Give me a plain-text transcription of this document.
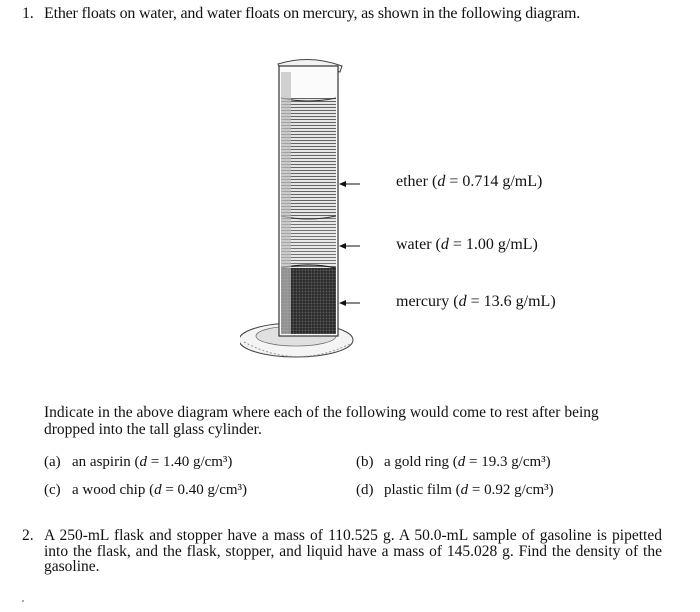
1. Ether floats on water, and water floats on mercury, as shown in the following diagram.
ether (d = 0.714 g/mL)
water (d = 1.00 g/mL)
mercury (d = 13.6 g/mL)
Indicate in the above diagram where each of the following would come to rest after being dropped into the tall glass cylinder.
(a) an aspirin (d = 1.40 g/cm³)	(b) a gold ring (d = 19.3 g/cm³)
(c) a wood chip (d = 0.40 g/cm³)	(d) plastic film (d = 0.92 g/cm³)
2. A 250-mL flask and stopper have a mass of 110.525 g. A 50.0-mL sample of gasoline is pipetted into the flask, and the flask, stopper, and liquid have a mass of 145.028 g. Find the density of the gasoline.
